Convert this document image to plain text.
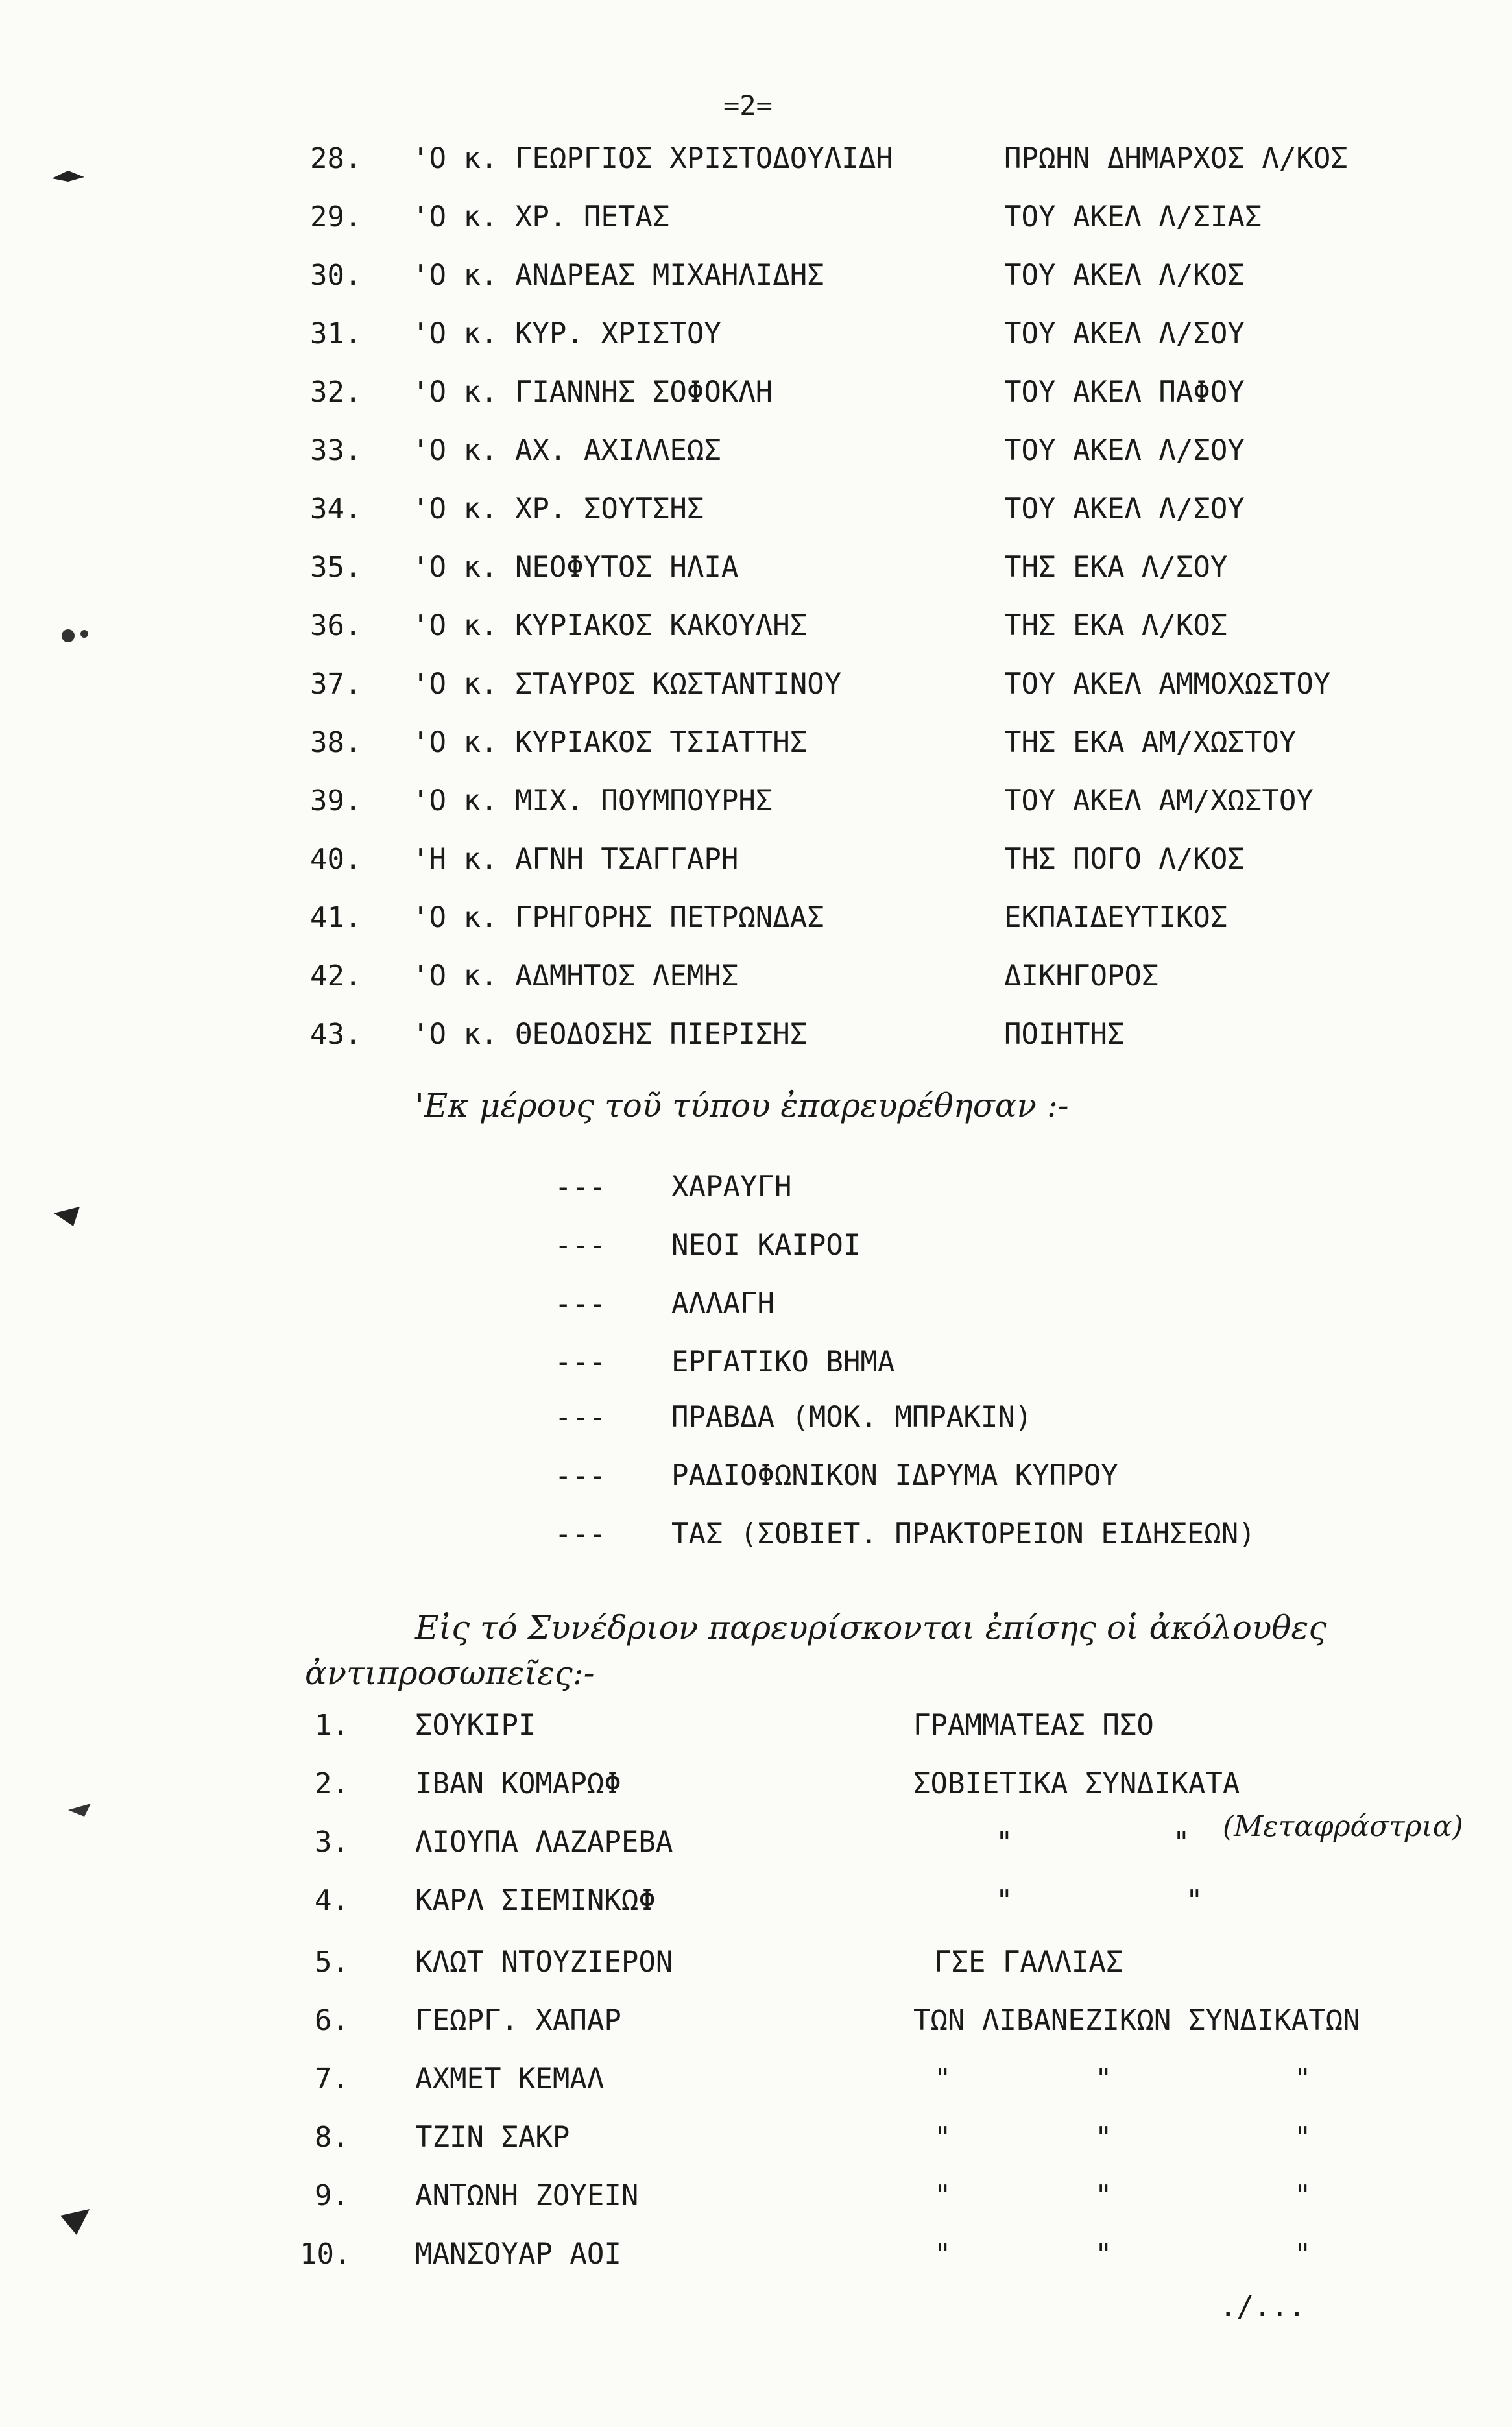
=2=
28. 'Ο κ. ΓΕΩΡΓΙΟΣ ΧΡΙΣΤΟΔΟΥΛΙΔΗ	ΠΡΩΗΝ ΔΗΜΑΡΧΟΣ Λ/ΚΟΣ
29. 'Ο κ. ΧΡ. ΠΕΤΑΣ	ΤΟΥ ΑΚΕΛ Λ/ΣΙΑΣ
30. 'Ο κ. ΑΝΔΡΕΑΣ ΜΙΧΑΗΛΙΔΗΣ	ΤΟΥ ΑΚΕΛ Λ/ΚΟΣ
31. 'Ο κ. ΚΥΡ. ΧΡΙΣΤΟΥ	ΤΟΥ ΑΚΕΛ Λ/ΣΟΥ
32. 'Ο κ. ΓΙΑΝΝΗΣ ΣΟΦΟΚΛΗ	ΤΟΥ ΑΚΕΛ ΠΑΦΟΥ
33. 'Ο κ. ΑΧ. ΑΧΙΛΛΕΩΣ	ΤΟΥ ΑΚΕΛ Λ/ΣΟΥ
34. 'Ο κ. ΧΡ. ΣΟΥΤΣΗΣ	ΤΟΥ ΑΚΕΛ Λ/ΣΟΥ
35. 'Ο κ. ΝΕΟΦΥΤΟΣ ΗΛΙΑ	ΤΗΣ ΕΚΑ Λ/ΣΟΥ
36. 'Ο κ. ΚΥΡΙΑΚΟΣ ΚΑΚΟΥΛΗΣ	ΤΗΣ ΕΚΑ Λ/ΚΟΣ
37. 'Ο κ. ΣΤΑΥΡΟΣ ΚΩΣΤΑΝΤΙΝΟΥ	ΤΟΥ ΑΚΕΛ ΑΜΜΟΧΩΣΤΟΥ
38. 'Ο κ. ΚΥΡΙΑΚΟΣ ΤΣΙΑΤΤΗΣ	ΤΗΣ ΕΚΑ ΑΜ/ΧΩΣΤΟΥ
39. 'Ο κ. ΜΙΧ. ΠΟΥΜΠΟΥΡΗΣ	ΤΟΥ ΑΚΕΛ ΑΜ/ΧΩΣΤΟΥ
40. 'Η κ. ΑΓΝΗ ΤΣΑΓΓΑΡΗ	ΤΗΣ ΠΟΓΟ Λ/ΚΟΣ
41. 'Ο κ. ΓΡΗΓΟΡΗΣ ΠΕΤΡΩΝΔΑΣ	ΕΚΠΑΙΔΕΥΤΙΚΟΣ
42. 'Ο κ. ΑΔΜΗΤΟΣ ΛΕΜΗΣ	ΔΙΚΗΓΟΡΟΣ
43. 'Ο κ. ΘΕΟΔΟΣΗΣ ΠΙΕΡΙΣΗΣ	ΠΟΙΗΤΗΣ
'Εκ μέρους τοῦ τύπου ἐπαρευρέθησαν :-
--- ΧΑΡΑΥΓΗ
--- ΝΕΟΙ ΚΑΙΡΟΙ
--- ΑΛΛΑΓΗ
--- ΕΡΓΑΤΙΚΟ ΒΗΜΑ
--- ΠΡΑΒΔΑ (ΜΟΚ. ΜΠΡΑΚΙΝ)
--- ΡΑΔΙΟΦΩΝΙΚΟΝ ΙΔΡΥΜΑ ΚΥΠΡΟΥ
--- ΤΑΣ (ΣΟΒΙΕΤ. ΠΡΑΚΤΟΡΕΙΟΝ ΕΙΔΗΣΕΩΝ)
Εἰς τό Συνέδριον παρευρίσκονται ἐπίσης οἱ ἀκόλουθες
ἀντιπροσωπεῖες:-
1. ΣΟΥΚΙΡΙ	ΓΡΑΜΜΑΤΕΑΣ ΠΣΟ
2. ΙΒΑΝ ΚΟΜΑΡΩΦ	ΣΟΒΙΕΤΙΚΑ ΣΥΝΔΙΚΑΤΑ
3. ΛΙΟΥΠΑ ΛΑΖΑΡΕΒΑ	"	"
4. ΚΑΡΛ ΣΙΕΜΙΝΚΩΦ	"	"
5. ΚΛΩΤ ΝΤΟΥΖΙΕΡΟΝ	ΓΣΕ ΓΑΛΛΙΑΣ
6. ΓΕΩΡΓ. ΧΑΠΑΡ	ΤΩΝ ΛΙΒΑΝΕΖΙΚΩΝ ΣΥΝΔΙΚΑΤΩΝ
7. ΑΧΜΕΤ ΚΕΜΑΛ	"	"	"
8. ΤΖΙΝ ΣΑΚΡ	"	"	"
9. ΑΝΤΩΝΗ ΖΟΥΕΙΝ	"	"	"
10. ΜΑΝΣΟΥΑΡ ΑΟΙ	"	"	"
(Μεταφράστρια)
./...
